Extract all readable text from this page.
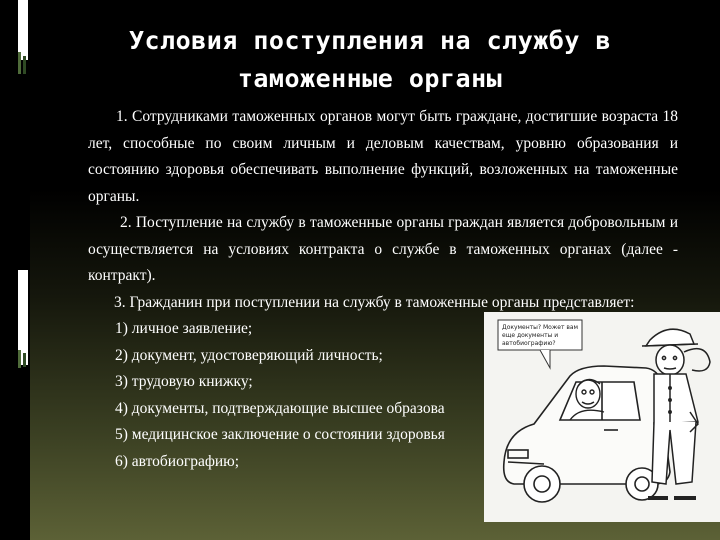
Условия поступления на службу в таможенные органы

1. Сотрудниками таможенных органов могут быть граждане, достигшие возраста 18 лет, способные по своим личным и деловым качествам, уровню образования и состоянию здоровья обеспечивать выполнение функций, возложенных на таможенные органы.

2. Поступление на службу в таможенные органы граждан является добровольным и осуществляется на условиях контракта о службе в таможенных органах (далее - контракт).

3. Гражданин при поступлении на службу в таможенные органы представляет:

1) личное заявление;

2) документ, удостоверяющий личность;

3) трудовую книжку;

4) документы, подтверждающие высшее образова

5) медицинское заключение о состоянии здоровья

6) автобиографию;

Документы? Может вам
еще документы и
автобиографию?
